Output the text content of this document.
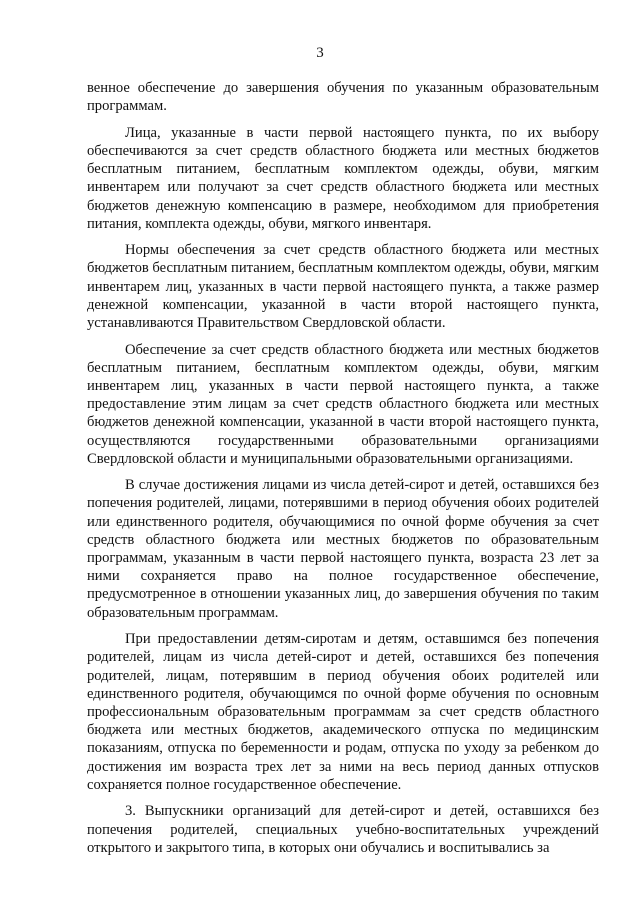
3

венное обеспечение до завершения обучения по указанным образовательным программам.

Лица, указанные в части первой настоящего пункта, по их выбору обеспечиваются за счет средств областного бюджета или местных бюджетов бесплатным питанием, бесплатным комплектом одежды, обуви, мягким инвентарем или получают за счет средств областного бюджета или местных бюджетов денежную компенсацию в размере, необходимом для приобретения питания, комплекта одежды, обуви, мягкого инвентаря.

Нормы обеспечения за счет средств областного бюджета или местных бюджетов бесплатным питанием, бесплатным комплектом одежды, обуви, мягким инвентарем лиц, указанных в части первой настоящего пункта, а также размер денежной компенсации, указанной в части второй настоящего пункта, устанавливаются Правительством Свердловской области.

Обеспечение за счет средств областного бюджета или местных бюджетов бесплатным питанием, бесплатным комплектом одежды, обуви, мягким инвентарем лиц, указанных в части первой настоящего пункта, а также предоставление этим лицам за счет средств областного бюджета или местных бюджетов денежной компенсации, указанной в части второй настоящего пункта, осуществляются государственными образовательными организациями Свердловской области и муниципальными образовательными организациями.

В случае достижения лицами из числа детей-сирот и детей, оставшихся без попечения родителей, лицами, потерявшими в период обучения обоих родителей или единственного родителя, обучающимися по очной форме обучения за счет средств областного бюджета или местных бюджетов по образовательным программам, указанным в части первой настоящего пункта, возраста 23 лет за ними сохраняется право на полное государственное обеспечение, предусмотренное в отношении указанных лиц, до завершения обучения по таким образовательным программам.

При предоставлении детям-сиротам и детям, оставшимся без попечения родителей, лицам из числа детей-сирот и детей, оставшихся без попечения родителей, лицам, потерявшим в период обучения обоих родителей или единственного родителя, обучающимся по очной форме обучения по основным профессиональным образовательным программам за счет средств областного бюджета или местных бюджетов, академического отпуска по медицинским показаниям, отпуска по беременности и родам, отпуска по уходу за ребенком до достижения им возраста трех лет за ними на весь период данных отпусков сохраняется полное государственное обеспечение.

3. Выпускники организаций для детей-сирот и детей, оставшихся без попечения родителей, специальных учебно-воспитательных учреждений открытого и закрытого типа, в которых они обучались и воспитывались за
